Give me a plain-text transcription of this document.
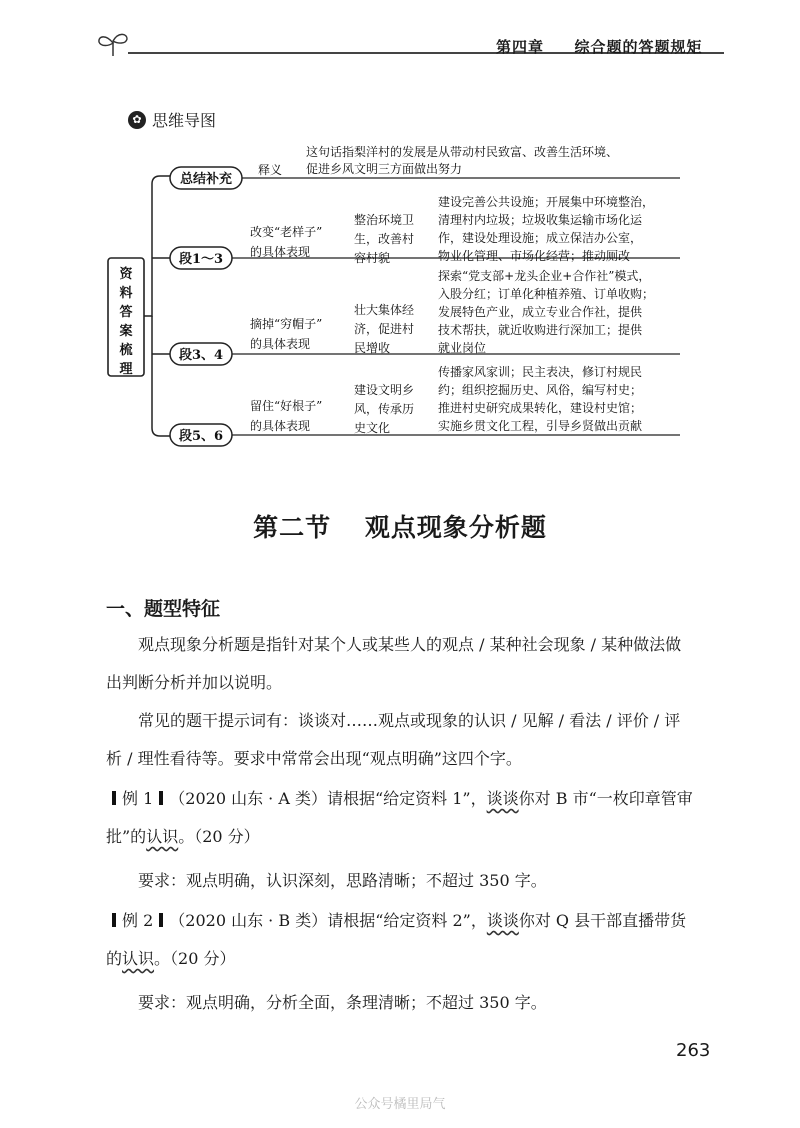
第四章 综合题的答题规矩
✿ 思维导图
资料答案梳理
总结补充
段1～3
段3、4
段5、6
释义
这句话指梨洋村的发展是从带动村民致富、改善生活环境、
促进乡风文明三方面做出努力
改变“老样子”
的具体表现
整治环境卫
生，改善村
容村貌
建设完善公共设施；开展集中环境整治，
清理村内垃圾；垃圾收集运输市场化运
作，建设处理设施；成立保洁办公室，
物业化管理、市场化经营；推动厕改
摘掉“穷帽子”
的具体表现
壮大集体经
济，促进村
民增收
探索“党支部+龙头企业+合作社”模式，
入股分红；订单化种植养殖、订单收购；
发展特色产业，成立专业合作社，提供
技术帮扶，就近收购进行深加工；提供
就业岗位
留住“好根子”
的具体表现
建设文明乡
风，传承历
史文化
传播家风家训；民主表决，修订村规民
约；组织挖掘历史、风俗，编写村史；
推进村史研究成果转化，建设村史馆；
实施乡贯文化工程，引导乡贤做出贡献
第二节 观点现象分析题
一、题型特征
观点现象分析题是指针对某个人或某些人的观点 / 某种社会现象 / 某种做法做出判断分析并加以说明。
常见的题干提示词有：谈谈对……观点或现象的认识 / 见解 / 看法 / 评价 / 评析 / 理性看待等。要求中常常会出现“观点明确”这四个字。
例 1 （2020 山东 · A 类）请根据“给定资料 1”，谈谈你对 B 市“一枚印章管审批”的认识。（20 分）
要求：观点明确，认识深刻，思路清晰；不超过 350 字。
例 2 （2020 山东 · B 类）请根据“给定资料 2”，谈谈你对 Q 县干部直播带货的认识。（20 分）
要求：观点明确，分析全面，条理清晰；不超过 350 字。
263
公众号橘里局气
